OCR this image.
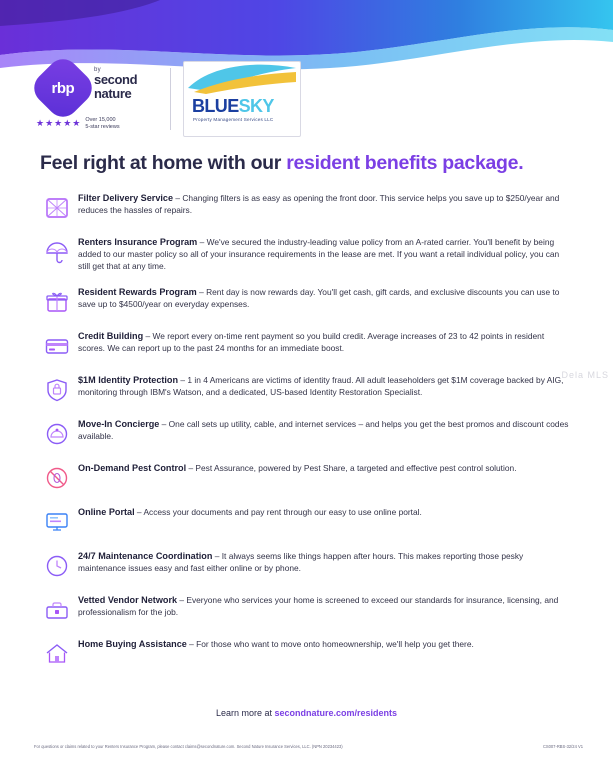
rbp
by
second nature
★★★★★ Over 15,000
5-star reviews
BLUESKY
Property Management Services LLC
Feel right at home with our resident benefits package.
Filter Delivery Service – Changing filters is as easy as opening the front door. This service helps you save up to $250/year and reduces the hassles of repairs.
Renters Insurance Program – We've secured the industry-leading value policy from an A-rated carrier. You'll benefit by being added to our master policy so all of your insurance requirements in the lease are met. If you want a retail individual policy, you can still get that at any time.
Resident Rewards Program – Rent day is now rewards day. You'll get cash, gift cards, and exclusive discounts you can use to save up to $4500/year on everyday expenses.
Credit Building – We report every on-time rent payment so you build credit. Average increases of 23 to 42 points in resident scores. We can report up to the past 24 months for an immediate boost.
$1M Identity Protection – 1 in 4 Americans are victims of identity fraud. All adult leaseholders get $1M coverage backed by AIG, monitoring through IBM's Watson, and a dedicated, US-based Identity Restoration Specialist.
Move-In Concierge – One call sets up utility, cable, and internet services – and helps you get the best promos and discount codes available.
On-Demand Pest Control – Pest Assurance, powered by Pest Share, a targeted and effective pest control solution.
Online Portal – Access your documents and pay rent through our easy to use online portal.
24/7 Maintenance Coordination – It always seems like things happen after hours. This makes reporting those pesky maintenance issues easy and fast either online or by phone.
Vetted Vendor Network – Everyone who services your home is screened to exceed our standards for insurance, licensing, and professionalism for the job.
Home Buying Assistance – For those who want to move onto homeownership, we'll help you get there.
Learn more at secondnature.com/residents
For questions or claims related to your Renters Insurance Program, please contact claims@secondnature.com. Second Nature Insurance Services, LLC. (NPN 20234423)	CS007-RBS-32/24 V1
Dela MLS
